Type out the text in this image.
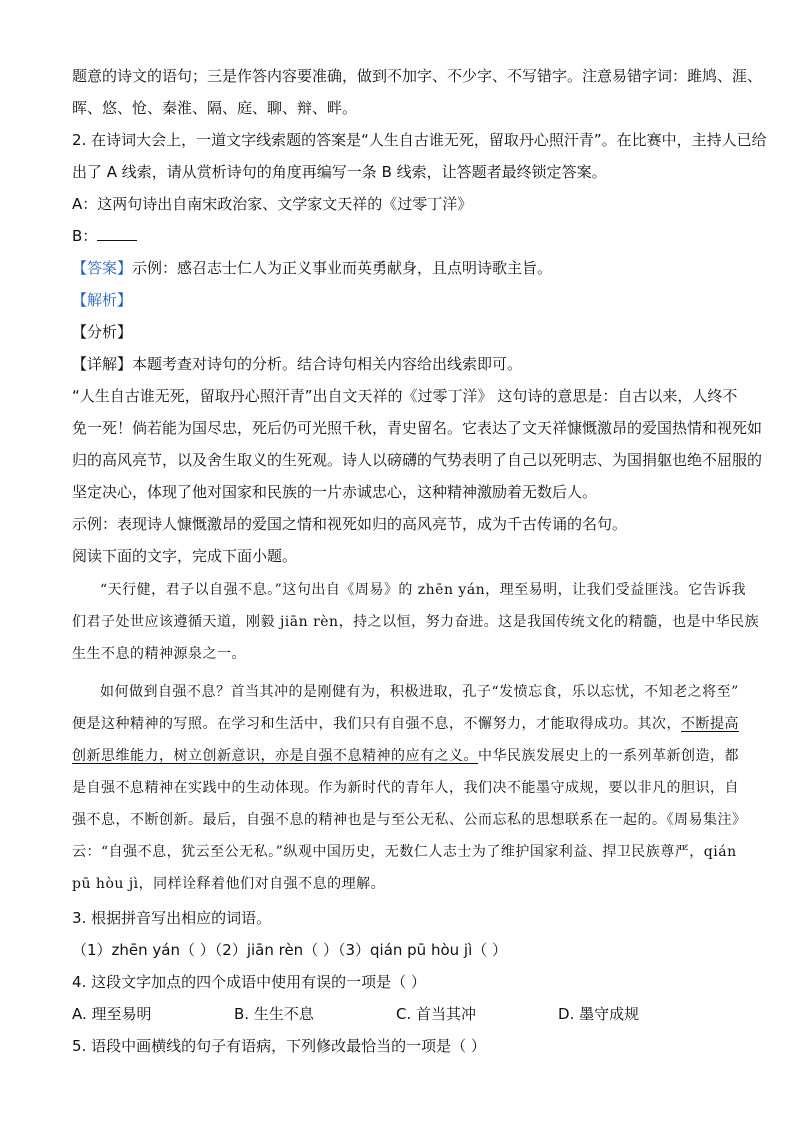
题意的诗文的语句；三是作答内容要准确，做到不加字、不少字、不写错字。注意易错字词：雎鸠、涯、
晖、悠、怆、秦淮、隔、庭、聊、辩、畔。
2. 在诗词大会上，一道文字线索题的答案是“人生自古谁无死，留取丹心照汗青”。在比赛中，主持人已给
出了 A 线索，请从赏析诗句的角度再编写一条 B 线索，让答题者最终锁定答案。
A：这两句诗出自南宋政治家、文学家文天祥的《过零丁洋》
B：
【答案】示例：感召志士仁人为正义事业而英勇献身，且点明诗歌主旨。
【解析】
【分析】
【详解】本题考查对诗句的分析。结合诗句相关内容给出线索即可。
“人生自古谁无死，留取丹心照汗青”出自文天祥的《过零丁洋》 这句诗的意思是：自古以来，人终不
免一死！倘若能为国尽忠，死后仍可光照千秋，青史留名。它表达了文天祥慷慨激昂的爱国热情和视死如
归的高风亮节，以及舍生取义的生死观。诗人以磅礴的气势表明了自己以死明志、为国捐躯也绝不屈服的
坚定决心，体现了他对国家和民族的一片赤诚忠心，这种精神激励着无数后人。
示例：表现诗人慷慨激昂的爱国之情和视死如归的高风亮节，成为千古传诵的名句。
阅读下面的文字，完成下面小题。
“天行健，君子以自强不息。”这句出自《周易》的 zhēn yán，理至易明，让我们受益匪浅。它告诉我
们君子处世应该遵循天道，刚毅 jiān rèn，持之以恒，努力奋进。这是我国传统文化的精髓，也是中华民族
生生不息的精神源泉之一。
如何做到自强不息？首当其冲的是刚健有为，积极进取，孔子“发愤忘食，乐以忘忧，不知老之将至”
便是这种精神的写照。在学习和生活中，我们只有自强不息，不懈努力，才能取得成功。其次，不断提高
创新思维能力，树立创新意识，亦是自强不息精神的应有之义。中华民族发展史上的一系列革新创造，都
是自强不息精神在实践中的生动体现。作为新时代的青年人，我们决不能墨守成规，要以非凡的胆识，自
强不息，不断创新。最后，自强不息的精神也是与至公无私、公而忘私的思想联系在一起的。《周易集注》
云：“自强不息，犹云至公无私。”纵观中国历史，无数仁人志士为了维护国家利益、捍卫民族尊严，qián
pū hòu jì，同样诠释着他们对自强不息的理解。
3. 根据拼音写出相应的词语。
（1）zhēn yán（ ）（2）jiān rèn（ ）（3）qián pū hòu jì（ ）
4. 这段文字加点的四个成语中使用有误的一项是（ ）
A. 理至易明	B. 生生不息	C. 首当其冲	D. 墨守成规
5. 语段中画横线的句子有语病，下列修改最恰当的一项是（ ）
